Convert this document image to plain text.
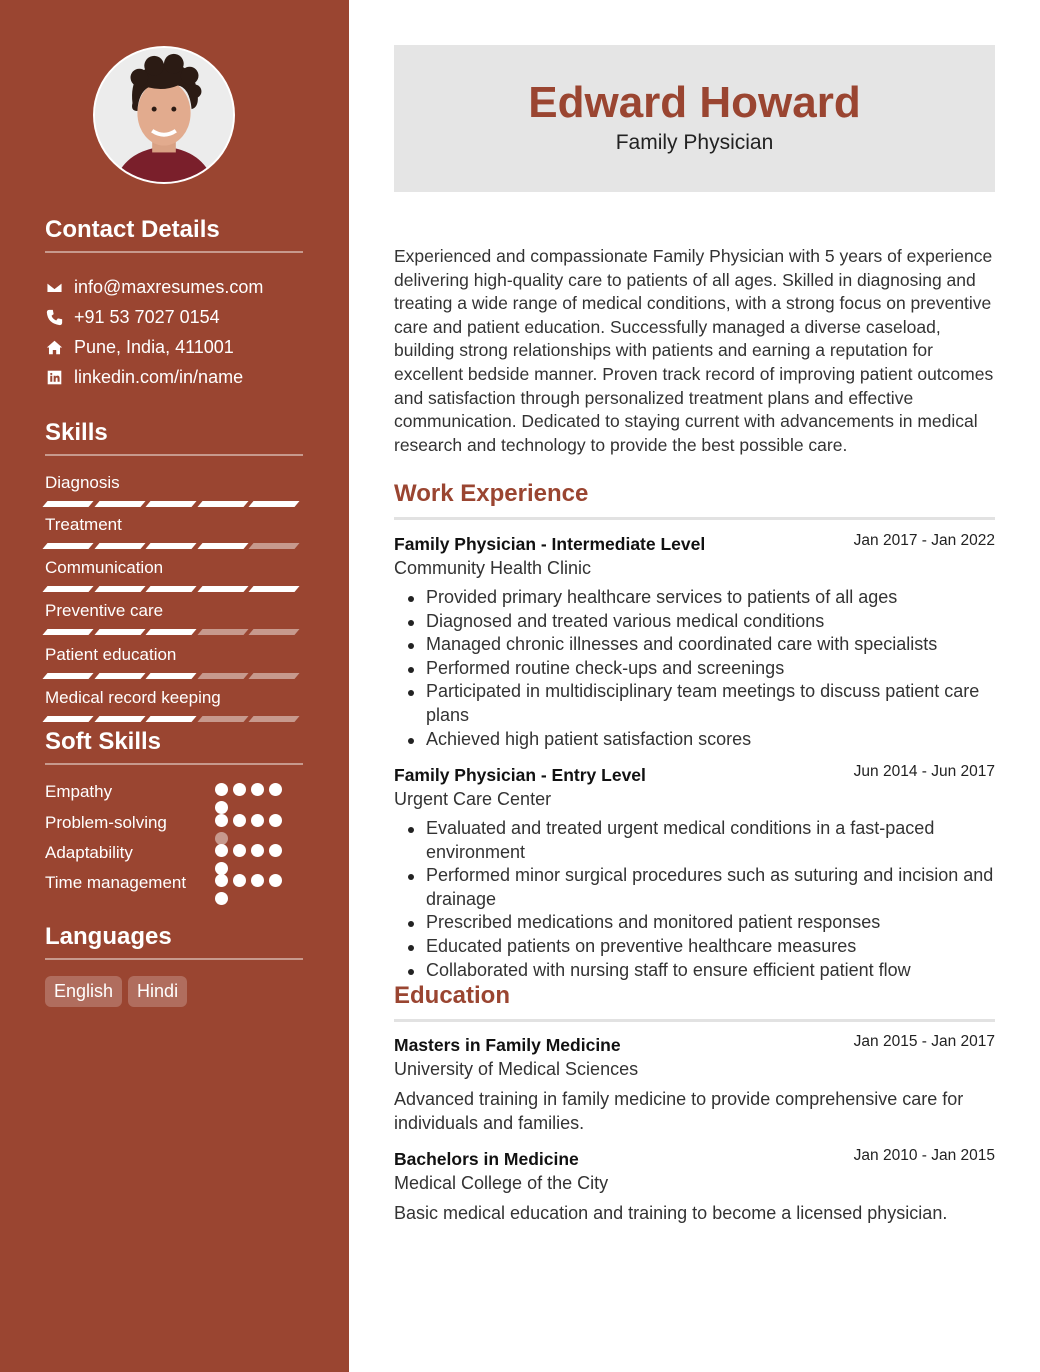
Contact Details
info@maxresumes.com
+91 53 7027 0154
Pune, India, 411001
linkedin.com/in/name
Skills
Diagnosis
Treatment
Communication
Preventive care
Patient education
Medical record keeping
Soft Skills
Empathy
Problem-solving
Adaptability
Time management
Languages
English	Hindi
Edward Howard
Family Physician

Experienced and compassionate Family Physician with 5 years of experience delivering high-quality care to patients of all ages. Skilled in diagnosing and treating a wide range of medical conditions, with a strong focus on preventive care and patient education. Successfully managed a diverse caseload, building strong relationships with patients and earning a reputation for excellent bedside manner. Proven track record of improving patient outcomes and satisfaction through personalized treatment plans and effective communication. Dedicated to staying current with advancements in medical research and technology to provide the best possible care.

Work Experience
Family Physician - Intermediate Level	Jan 2017 - Jan 2022
Community Health Clinic
Provided primary healthcare services to patients of all ages
Diagnosed and treated various medical conditions
Managed chronic illnesses and coordinated care with specialists
Performed routine check-ups and screenings
Participated in multidisciplinary team meetings to discuss patient care plans
Achieved high patient satisfaction scores
Family Physician - Entry Level	Jun 2014 - Jun 2017
Urgent Care Center
Evaluated and treated urgent medical conditions in a fast-paced environment
Performed minor surgical procedures such as suturing and incision and drainage
Prescribed medications and monitored patient responses
Educated patients on preventive healthcare measures
Collaborated with nursing staff to ensure efficient patient flow
Education
Masters in Family Medicine	Jan 2015 - Jan 2017
University of Medical Sciences
Advanced training in family medicine to provide comprehensive care for individuals and families.
Bachelors in Medicine	Jan 2010 - Jan 2015
Medical College of the City
Basic medical education and training to become a licensed physician.
